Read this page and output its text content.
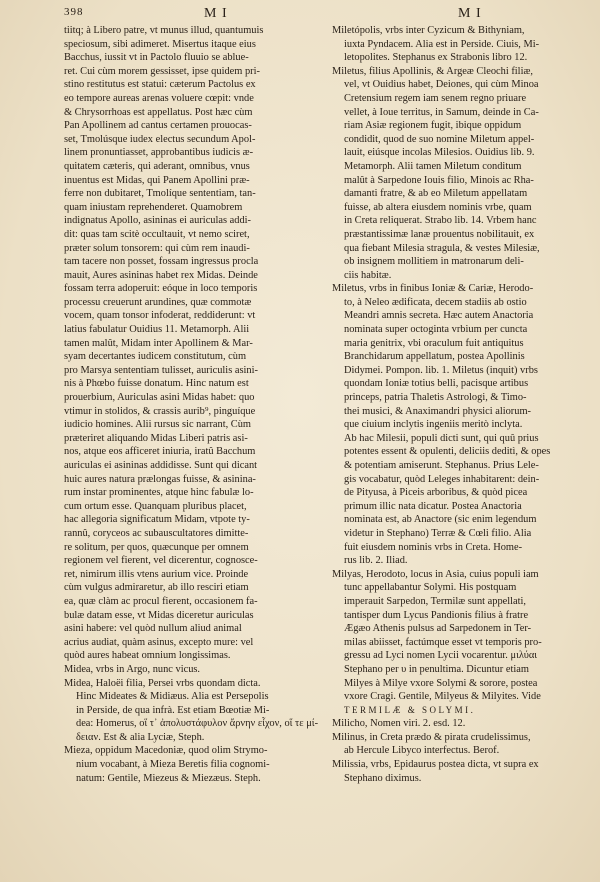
398	M I	M I
tiitq; à Libero patre, vt munus illud, quantumuis
speciosum, sibi adimeret. Misertus itaque eius
Bacchus, iussit vt in Pactolo fluuio se ablue-
ret. Cui cùm morem gessisset, ipse quidem pri-
stino restitutus est statui: cæterum Pactolus ex
eo tempore aureas arenas voluere cœpit: vnde
& Chrysorrhoas est appellatus. Post hæc cùm
Pan Apollinem ad cantus certamen prouocas-
set, Tmolúsque iudex electus secundum Apol-
linem pronuntiasset, approbantibus iudicis æ-
quitatem cæteris, qui aderant, omnibus, vnus
inuentus est Midas, qui Panem Apollini præ-
ferre non dubitaret, Tmolíque sententiam, tan-
quam iniustam reprehenderet. Quamobrem
indignatus Apollo, asininas ei auriculas addi-
dit: quas tam scitè occultauit, vt nemo sciret,
præter solum tonsorem: qui cùm rem inaudi-
tam tacere non posset, fossam ingressus procla
mauit, Aures asininas habet rex Midas. Deinde
fossam terra adoperuit: eóque in loco temporis
processu creuerunt arundines, quæ commotæ
vocem, quam tonsor infoderat, reddiderunt: vt
latius fabulatur Ouidius 11. Metamorph. Alii
tamen malût, Midam inter Apollinem & Mar-
syam decertantes iudicem constitutum, cùm
pro Marsya sententiam tulisset, auriculis asini-
nis à Phœbo fuisse donatum. Hinc natum est
prouerbium, Auriculas asini Midas habet: quo
vtimur in stolidos, & crassis aurib⁹, pinguíque
iudicio homines. Alii rursus sic narrant, Cùm
præteriret aliquando Midas Liberi patris asi-
nos, atque eos afficeret iniuria, iratû Bacchum
auriculas ei asininas addidisse. Sunt qui dicant
huic aures natura prælongas fuisse, & asinina-
rum instar prominentes, atque hinc fabulæ lo-
cum ortum esse. Quanquam pluribus placet,
hac allegoria significatum Midam, vtpote ty-
rannû, coryceos ac subauscultatores dimitte-
re solitum, per quos, quæcunque per omnem
regionem vel fierent, vel dicerentur, cognosce-
ret, nimirum illis vtens aurium vice. Proinde
cùm vulgus admiraretur, ab illo resciri etiam
ea, quæ clàm ac procul fierent, occasionem fa-
bulæ datam esse, vt Midas diceretur auriculas
asini habere: vel quòd nullum aliud animal
acrius audiat, quàm asinus, excepto mure: vel
quòd aures habeat omnium longissimas.
Midea, vrbs in Argo, nunc vicus.
Midea, Haloëi filia, Persei vrbs quondam dicta.
Hinc Mideates & Midiæus. Alia est Persepolis
in Perside, de qua infrà. Est etiam Bœotiæ Mi-
dea: Homerus, οἵ τ᾽ ἀπολυστάφυλον ἄρνην εἶχον, οἵ τε μί-
δειαν. Est & alia Lyciæ, Steph.
Mieza, oppidum Macedoniæ, quod olim Strymo-
nium vocabant, à Mieza Beretis filia cognomi-
natum: Gentile, Miezeus & Miezæus. Steph.
Miletópolis, vrbs inter Cyzicum & Bithyniam,
iuxta Pyndacem. Alia est in Perside. Ciuis, Mi-
letopolites. Stephanus ex Strabonis libro 12.
Miletus, filius Apollinis, & Argeæ Cleochi filiæ,
vel, vt Ouidius habet, Deiones, qui cùm Minoa
Cretensium regem iam senem regno priuare
vellet, à Ioue territus, in Samum, deinde in Ca-
riam Asiæ regionem fugit, ibique oppidum
condidit, quod de suo nomine Miletum appel-
lauit, eiúsque incolas Milesios. Ouidius lib. 9.
Metamorph. Alii tamen Miletum conditum
malût à Sarpedone Iouis filio, Minois ac Rha-
damanti fratre, & ab eo Miletum appellatam
fuisse, ab altera eiusdem nominis vrbe, quam
in Creta reliquerat. Strabo lib. 14. Vrbem hanc
præstantissimæ lanæ prouentus nobilitauit, ex
qua fiebant Milesia stragula, & vestes Milesiæ,
ob insignem mollitiem in matronarum deli-
ciis habitæ.
Miletus, vrbs in finibus Ioniæ & Cariæ, Herodo-
to, à Neleo ædificata, decem stadiis ab ostio
Meandri amnis secreta. Hæc autem Anactoria
nominata super octoginta vrbium per cuncta
maria genitrix, vbi oraculum fuit antiquitus
Branchidarum appellatum, postea Apollinis
Didymei. Pompon. lib. 1. Miletus (inquit) vrbs
quondam Ioniæ totius belli, pacisque artibus
princeps, patria Thaletis Astrologi, & Timo-
thei musici, & Anaximandri physici aliorum-
que ciuium inclytis ingeniis meritò inclyta.
Ab hac Milesii, populi dicti sunt, qui quû prius
potentes essent & opulenti, deliciis deditì, & opes
& potentiam amiserunt. Stephanus. Prius Lele-
gis vocabatur, quòd Leleges inhabitarent: dein-
de Pityusa, à Piceis arboribus, & quòd picea
primum illic nata dicatur. Postea Anactoria
nominata est, ab Anactore (sic enim legendum
videtur in Stephano) Terræ & Cœli filio. Alia
fuit eiusdem nominis vrbs in Creta. Home-
rus lib. 2. Iliad.
Milyas, Herodoto, locus in Asia, cuius populi iam
tunc appellabantur Solymi. His postquam
imperauit Sarpedon, Termilæ sunt appellati,
tantisper dum Lycus Pandionis filius à fratre
Ægæo Athenis pulsus ad Sarpedonem in Ter-
milas abiisset, factúmque esset vt temporis pro-
gressu ad Lyci nomen Lycii vocarentur. μιλύαι
Stephano per υ in penultima. Dicuntur etiam
Milyes à Milye vxore Solymi & sorore, postea
vxore Cragi. Gentile, Milyeus & Milyites. Vide
TERMILÆ & SOLYMI.
Milicho, Nomen viri. 2. esd. 12.
Milinus, in Creta prædo & pirata crudelissimus,
ab Hercule Libyco interfectus. Berof.
Milissia, vrbs, Epidaurus postea dicta, vt supra ex
Stephano diximus.
